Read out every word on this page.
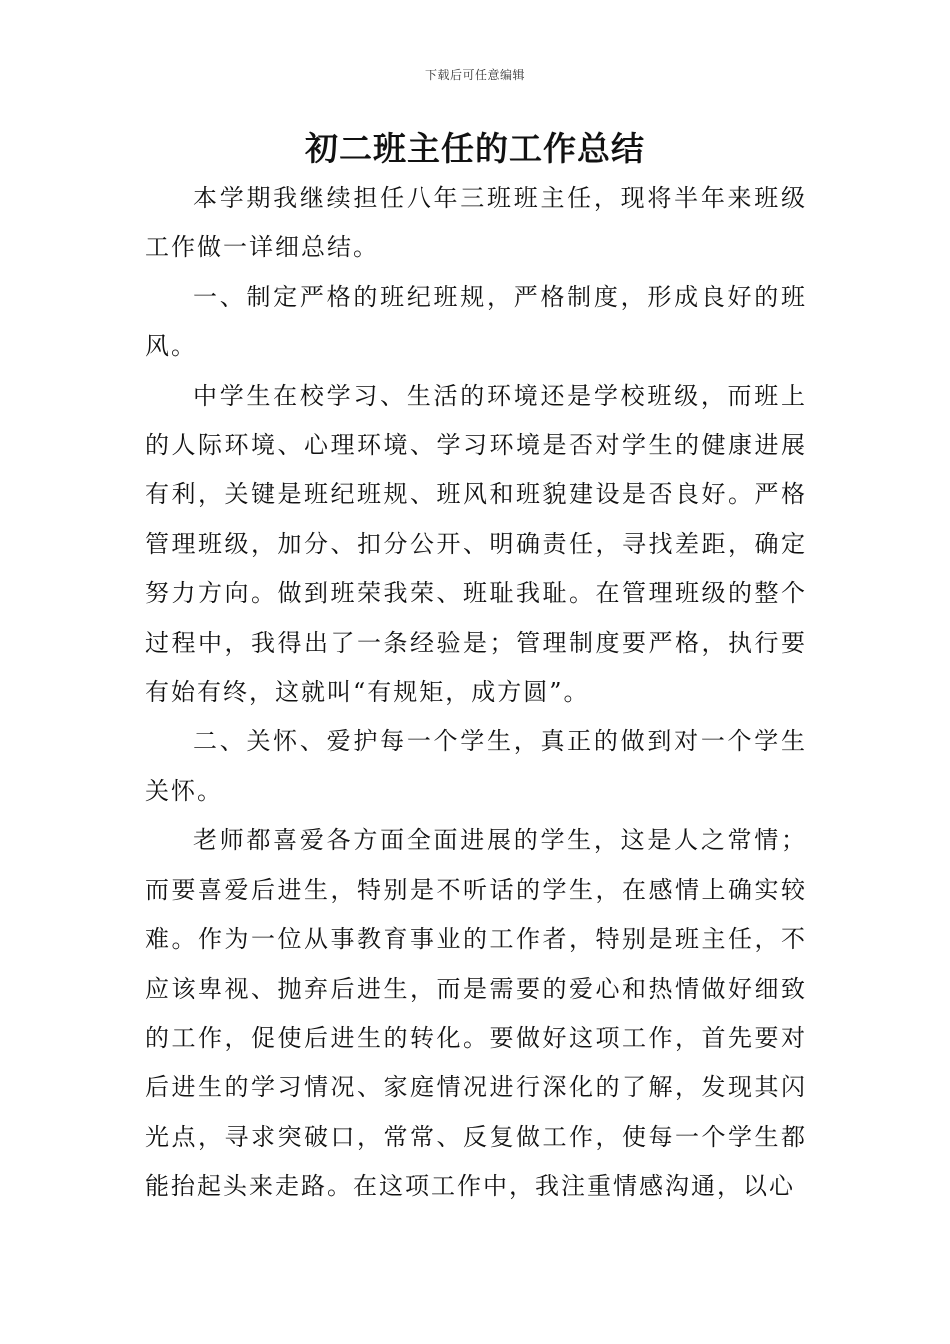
下载后可任意编辑
初二班主任的工作总结

本学期我继续担任八年三班班主任，现将半年来班级工作做一详细总结。

一、制定严格的班纪班规，严格制度，形成良好的班风。

中学生在校学习、生活的环境还是学校班级，而班上的人际环境、心理环境、学习环境是否对学生的健康进展有利，关键是班纪班规、班风和班貌建设是否良好。严格管理班级，加分、扣分公开、明确责任，寻找差距，确定努力方向。做到班荣我荣、班耻我耻。在管理班级的整个过程中，我得出了一条经验是；管理制度要严格，执行要有始有终，这就叫“有规矩，成方圆”。

二、关怀、爱护每一个学生，真正的做到对一个学生关怀。

老师都喜爱各方面全面进展的学生，这是人之常情；而要喜爱后进生，特别是不听话的学生，在感情上确实较难。作为一位从事教育事业的工作者，特别是班主任，不应该卑视、抛弃后进生，而是需要的爱心和热情做好细致的工作，促使后进生的转化。要做好这项工作，首先要对后进生的学习情况、家庭情况进行深化的了解，发现其闪光点，寻求突破口，常常、反复做工作，使每一个学生都能抬起头来走路。在这项工作中，我注重情感沟通，以心
